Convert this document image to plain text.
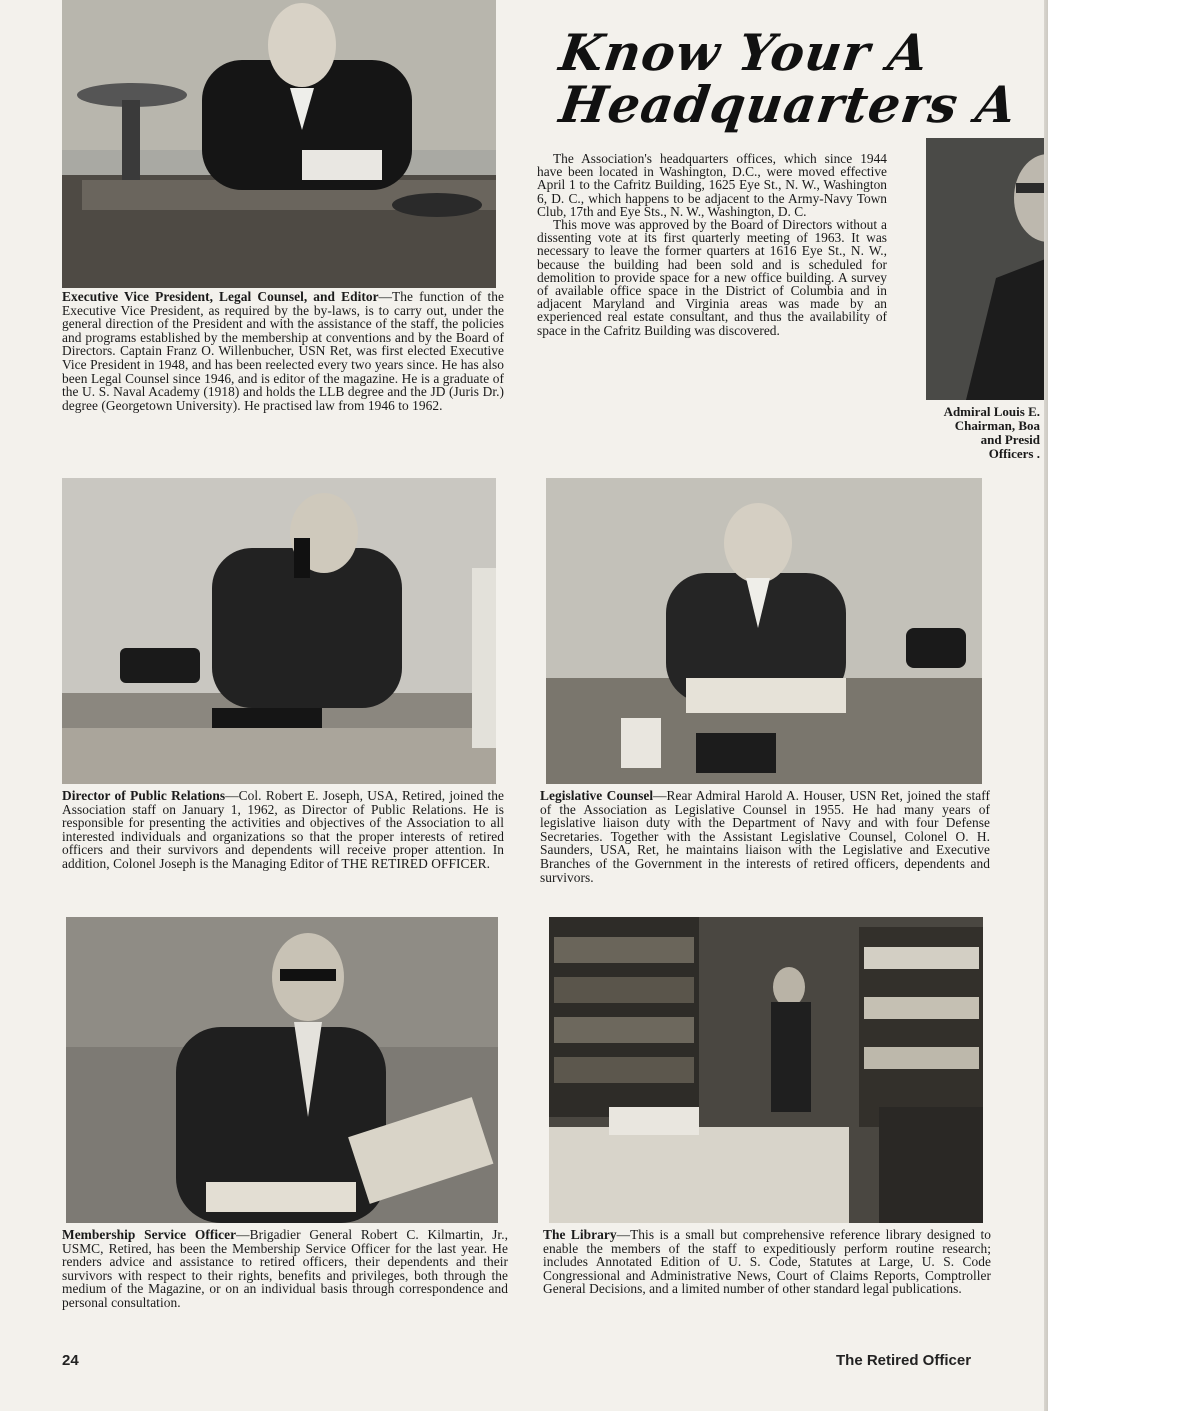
Know Your A
Headquarters A

Executive Vice President, Legal Counsel, and Editor—The function of the Executive Vice President, as required by the by-laws, is to carry out, under the general direction of the President and with the assistance of the staff, the policies and programs established by the membership at conventions and by the Board of Directors. Captain Franz O. Willenbucher, USN Ret, was first elected Executive Vice President in 1948, and has been reelected every two years since. He has also been Legal Counsel since 1946, and is editor of the magazine. He is a graduate of the U. S. Naval Academy (1918) and holds the LLB degree and the JD (Juris Dr.) degree (Georgetown University). He practised law from 1946 to 1962.

The Association's headquarters offices, which since 1944 have been located in Washington, D.C., were moved effective April 1 to the Cafritz Building, 1625 Eye St., N. W., Washington 6, D. C., which happens to be adjacent to the Army-Navy Town Club, 17th and Eye Sts., N. W., Washington, D. C.

This move was approved by the Board of Directors without a dissenting vote at its first quarterly meeting of 1963. It was necessary to leave the former quarters at 1616 Eye St., N. W., because the building had been sold and is scheduled for demolition to provide space for a new office building. A survey of available office space in the District of Columbia and in adjacent Maryland and Virginia areas was made by an experienced real estate consultant, and thus the availability of space in the Cafritz Building was discovered.

Admiral Louis E.
Chairman, Boa
and Presid
Officers .

Director of Public Relations—Col. Robert E. Joseph, USA, Retired, joined the Association staff on January 1, 1962, as Director of Public Relations. He is responsible for presenting the activities and objectives of the Association to all interested individuals and organizations so that the proper interests of retired officers and their survivors and dependents will receive proper attention. In addition, Colonel Joseph is the Managing Editor of THE RETIRED OFFICER.

Legislative Counsel—Rear Admiral Harold A. Houser, USN Ret, joined the staff of the Association as Legislative Counsel in 1955. He had many years of legislative liaison duty with the Department of Navy and with four Defense Secretaries. Together with the Assistant Legislative Counsel, Colonel O. H. Saunders, USA, Ret, he maintains liaison with the Legislative and Executive Branches of the Government in the interests of retired officers, dependents and survivors.

Membership Service Officer—Brigadier General Robert C. Kilmartin, Jr., USMC, Retired, has been the Membership Service Officer for the last year. He renders advice and assistance to retired officers, their dependents and their survivors with respect to their rights, benefits and privileges, both through the medium of the Magazine, or on an individual basis through correspondence and personal consultation.

The Library—This is a small but comprehensive reference library designed to enable the members of the staff to expeditiously perform routine research; includes Annotated Edition of U. S. Code, Statutes at Large, U. S. Code Congressional and Administrative News, Court of Claims Reports, Comptroller General Decisions, and a limited number of other standard legal publications.

24	The Retired Officer
